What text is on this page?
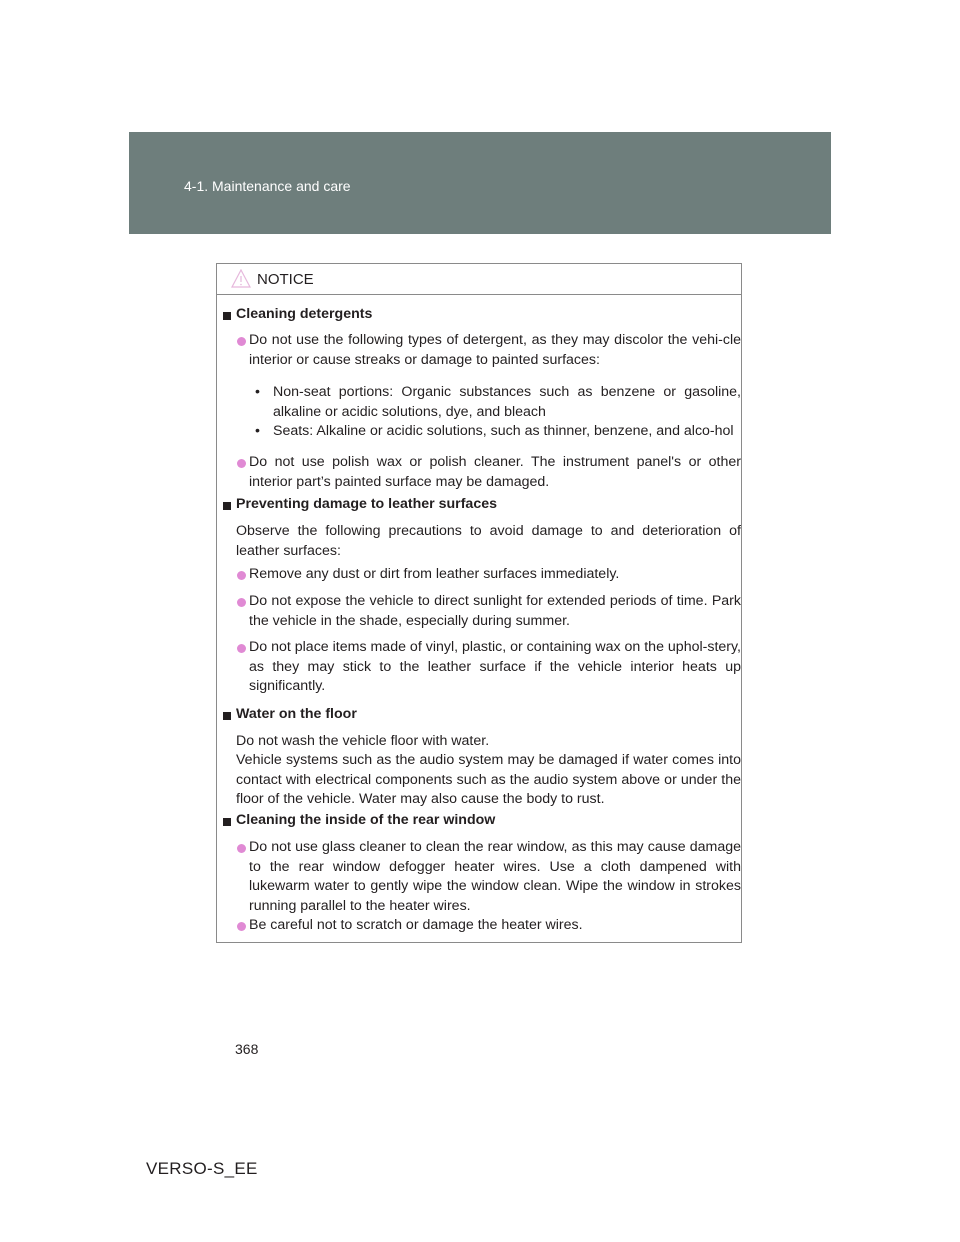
4-1. Maintenance and care
NOTICE
Cleaning detergents
Do not use the following types of detergent, as they may discolor the vehi-cle interior or cause streaks or damage to painted surfaces:
• Non-seat portions: Organic substances such as benzene or gasoline, alkaline or acidic solutions, dye, and bleach
• Seats: Alkaline or acidic solutions, such as thinner, benzene, and alco-hol
Do not use polish wax or polish cleaner. The instrument panel's or other interior part’s painted surface may be damaged.
Preventing damage to leather surfaces
Observe the following precautions to avoid damage to and deterioration of leather surfaces:
Remove any dust or dirt from leather surfaces immediately.
Do not expose the vehicle to direct sunlight for extended periods of time. Park the vehicle in the shade, especially during summer.
Do not place items made of vinyl, plastic, or containing wax on the uphol-stery, as they may stick to the leather surface if the vehicle interior heats up significantly.
Water on the floor
Do not wash the vehicle floor with water.
Vehicle systems such as the audio system may be damaged if water comes into contact with electrical components such as the audio system above or under the floor of the vehicle. Water may also cause the body to rust.
Cleaning the inside of the rear window
Do not use glass cleaner to clean the rear window, as this may cause damage to the rear window defogger heater wires. Use a cloth dampened with lukewarm water to gently wipe the window clean. Wipe the window in strokes running parallel to the heater wires.
Be careful not to scratch or damage the heater wires.
368
VERSO-S_EE
